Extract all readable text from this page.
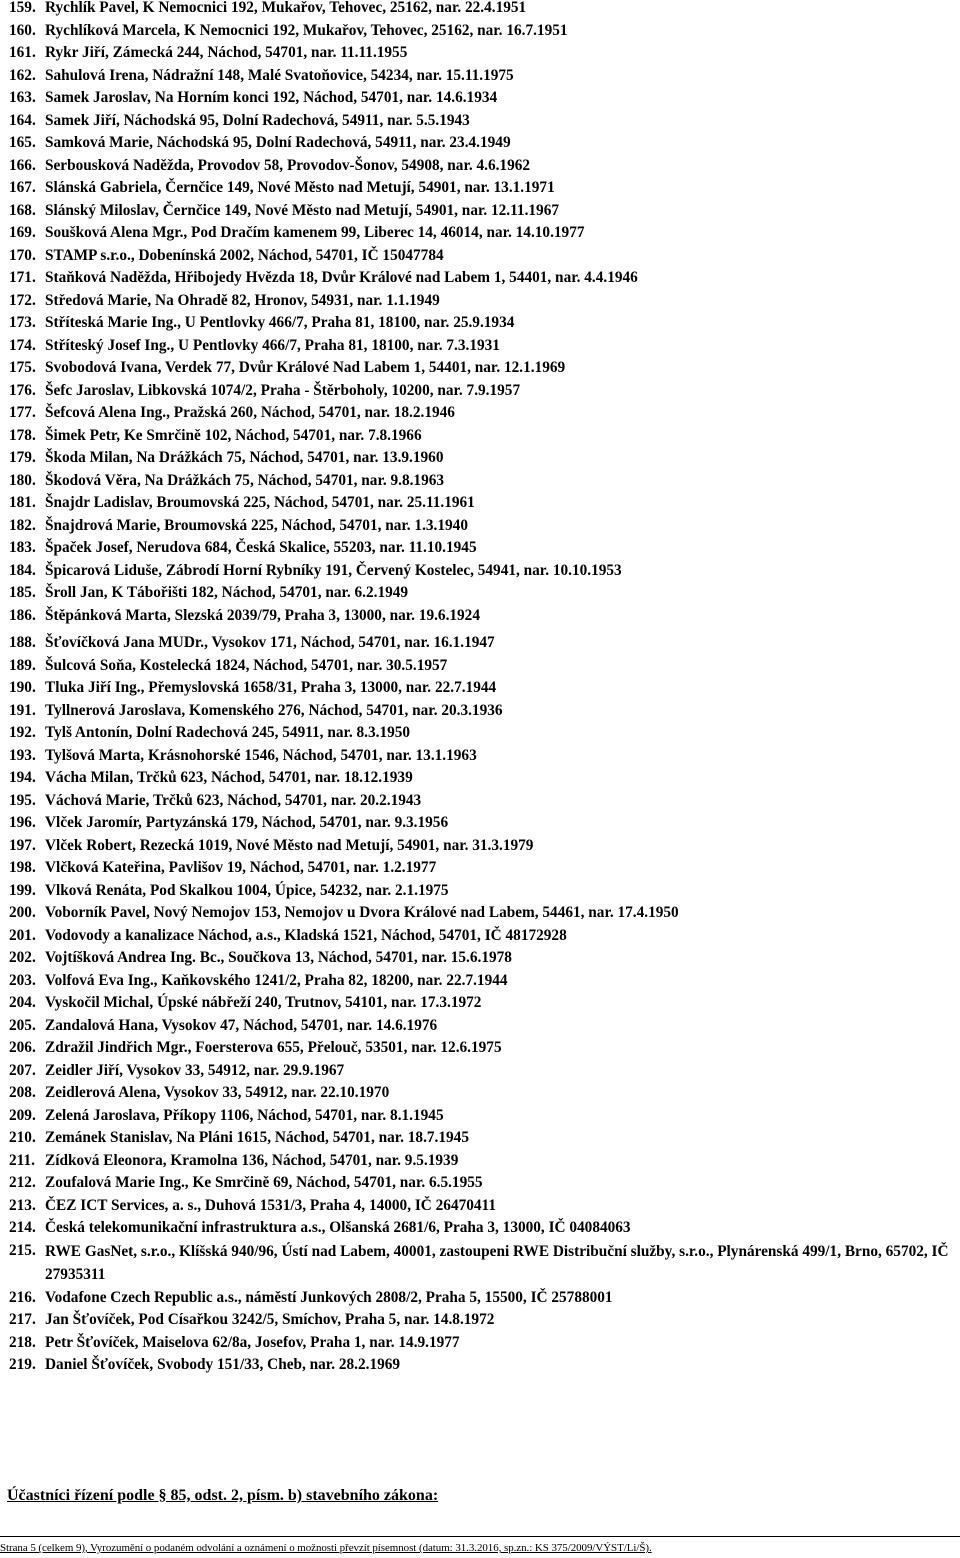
159. Rychlík Pavel, K Nemocnici 192, Mukařov, Tehovec, 25162, nar. 22.4.1951
160. Rychlíková Marcela, K Nemocnici 192, Mukařov, Tehovec, 25162, nar. 16.7.1951
161. Rykr Jiří, Zámecká 244, Náchod, 54701, nar. 11.11.1955
162. Sahulová Irena, Nádražní 148, Malé Svatoňovice, 54234, nar. 15.11.1975
163. Samek Jaroslav, Na Horním konci 192, Náchod, 54701, nar. 14.6.1934
164. Samek Jiří, Náchodská 95, Dolní Radechová, 54911, nar. 5.5.1943
165. Samková Marie, Náchodská 95, Dolní Radechová, 54911, nar. 23.4.1949
166. Serbousková Naděžda, Provodov 58, Provodov-Šonov, 54908, nar. 4.6.1962
167. Slánská Gabriela, Černčice 149, Nové Město nad Metují, 54901, nar. 13.1.1971
168. Slánský Miloslav, Černčice 149, Nové Město nad Metují, 54901, nar. 12.11.1967
169. Soušková Alena Mgr., Pod Dračím kamenem 99, Liberec 14, 46014, nar. 14.10.1977
170. STAMP s.r.o., Dobenínská 2002, Náchod, 54701, IČ 15047784
171. Staňková Naděžda, Hřibojedy Hvězda 18, Dvůr Králové nad Labem 1, 54401, nar. 4.4.1946
172. Středová Marie, Na Ohradě 82, Hronov, 54931, nar. 1.1.1949
173. Stříteská Marie Ing., U Pentlovky 466/7, Praha 81, 18100, nar. 25.9.1934
174. Stříteský Josef Ing., U Pentlovky 466/7, Praha 81, 18100, nar. 7.3.1931
175. Svobodová Ivana, Verdek 77, Dvůr Králové Nad Labem 1, 54401, nar. 12.1.1969
176. Šefc Jaroslav, Libkovská 1074/2, Praha - Štěrboholy, 10200, nar. 7.9.1957
177. Šefcová Alena Ing., Pražská 260, Náchod, 54701, nar. 18.2.1946
178. Šimek Petr, Ke Smrčině 102, Náchod, 54701, nar. 7.8.1966
179. Škoda Milan, Na Drážkách 75, Náchod, 54701, nar. 13.9.1960
180. Škodová Věra, Na Drážkách 75, Náchod, 54701, nar. 9.8.1963
181. Šnajdr Ladislav, Broumovská 225, Náchod, 54701, nar. 25.11.1961
182. Šnajdrová Marie, Broumovská 225, Náchod, 54701, nar. 1.3.1940
183. Špaček Josef, Nerudova 684, Česká Skalice, 55203, nar. 11.10.1945
184. Špicarová Liduše, Zábrodí Horní Rybníky 191, Červený Kostelec, 54941, nar. 10.10.1953
185. Šroll Jan, K Tábořišti 182, Náchod, 54701, nar. 6.2.1949
186. Štěpánková Marta, Slezská 2039/79, Praha 3, 13000, nar. 19.6.1924
188. Šťovíčková Jana MUDr., Vysokov 171, Náchod, 54701, nar. 16.1.1947
189. Šulcová Soňa, Kostelecká 1824, Náchod, 54701, nar. 30.5.1957
190. Tluka Jiří Ing., Přemyslovská 1658/31, Praha 3, 13000, nar. 22.7.1944
191. Tyllnerová Jaroslava, Komenského 276, Náchod, 54701, nar. 20.3.1936
192. Tylš Antonín, Dolní Radechová 245, 54911, nar. 8.3.1950
193. Tylšová Marta, Krásnohorské 1546, Náchod, 54701, nar. 13.1.1963
194. Vácha Milan, Trčků 623, Náchod, 54701, nar. 18.12.1939
195. Váchová Marie, Trčků 623, Náchod, 54701, nar. 20.2.1943
196. Vlček Jaromír, Partyzánská 179, Náchod, 54701, nar. 9.3.1956
197. Vlček Robert, Rezecká 1019, Nové Město nad Metují, 54901, nar. 31.3.1979
198. Vlčková Kateřina, Pavlišov 19, Náchod, 54701, nar. 1.2.1977
199. Vlková Renáta, Pod Skalkou 1004, Úpice, 54232, nar. 2.1.1975
200. Voborník Pavel, Nový Nemojov 153, Nemojov u Dvora Králové nad Labem, 54461, nar. 17.4.1950
201. Vodovody a kanalizace Náchod, a.s., Kladská 1521, Náchod, 54701, IČ 48172928
202. Vojtíšková Andrea Ing. Bc., Součkova 13, Náchod, 54701, nar. 15.6.1978
203. Volfová Eva Ing., Kaňkovského 1241/2, Praha 82, 18200, nar. 22.7.1944
204. Vyskočil Michal, Úpské nábřeží 240, Trutnov, 54101, nar. 17.3.1972
205. Zandalová Hana, Vysokov 47, Náchod, 54701, nar. 14.6.1976
206. Zdražil Jindřich Mgr., Foersterova 655, Přelouč, 53501, nar. 12.6.1975
207. Zeidler Jiří, Vysokov 33, 54912, nar. 29.9.1967
208. Zeidlerová Alena, Vysokov 33, 54912, nar. 22.10.1970
209. Zelená Jaroslava, Příkopy 1106, Náchod, 54701, nar. 8.1.1945
210. Zemánek Stanislav, Na Pláni 1615, Náchod, 54701, nar. 18.7.1945
211. Zídková Eleonora, Kramolna 136, Náchod, 54701, nar. 9.5.1939
212. Zoufalová Marie Ing., Ke Smrčině 69, Náchod, 54701, nar. 6.5.1955
213. ČEZ ICT Services, a. s., Duhová 1531/3, Praha 4, 14000, IČ 26470411
214. Česká telekomunikační infrastruktura a.s., Olšanská 2681/6, Praha 3, 13000, IČ 04084063
215. RWE GasNet, s.r.o., Klíšská 940/96, Ústí nad Labem, 40001, zastoupeni RWE Distribuční služby, s.r.o., Plynárenská 499/1, Brno, 65702, IČ 27935311
216. Vodafone Czech Republic a.s., náměstí Junkových 2808/2, Praha 5, 15500, IČ 25788001
217. Jan Šťovíček, Pod Císařkou 3242/5, Smíchov, Praha 5, nar. 14.8.1972
218. Petr Šťovíček, Maiselova 62/8a, Josefov, Praha 1, nar. 14.9.1977
219. Daniel Šťovíček, Svobody 151/33, Cheb, nar. 28.2.1969
Účastníci řízení podle § 85, odst. 2, písm. b) stavebního zákona:
Strana 5 (celkem 9), Vyrozumění o podaném odvolání a oznámení o možnosti převzít písemnost (datum: 31.3.2016, sp.zn.: KS 375/2009/VÝST/Li/Š).
